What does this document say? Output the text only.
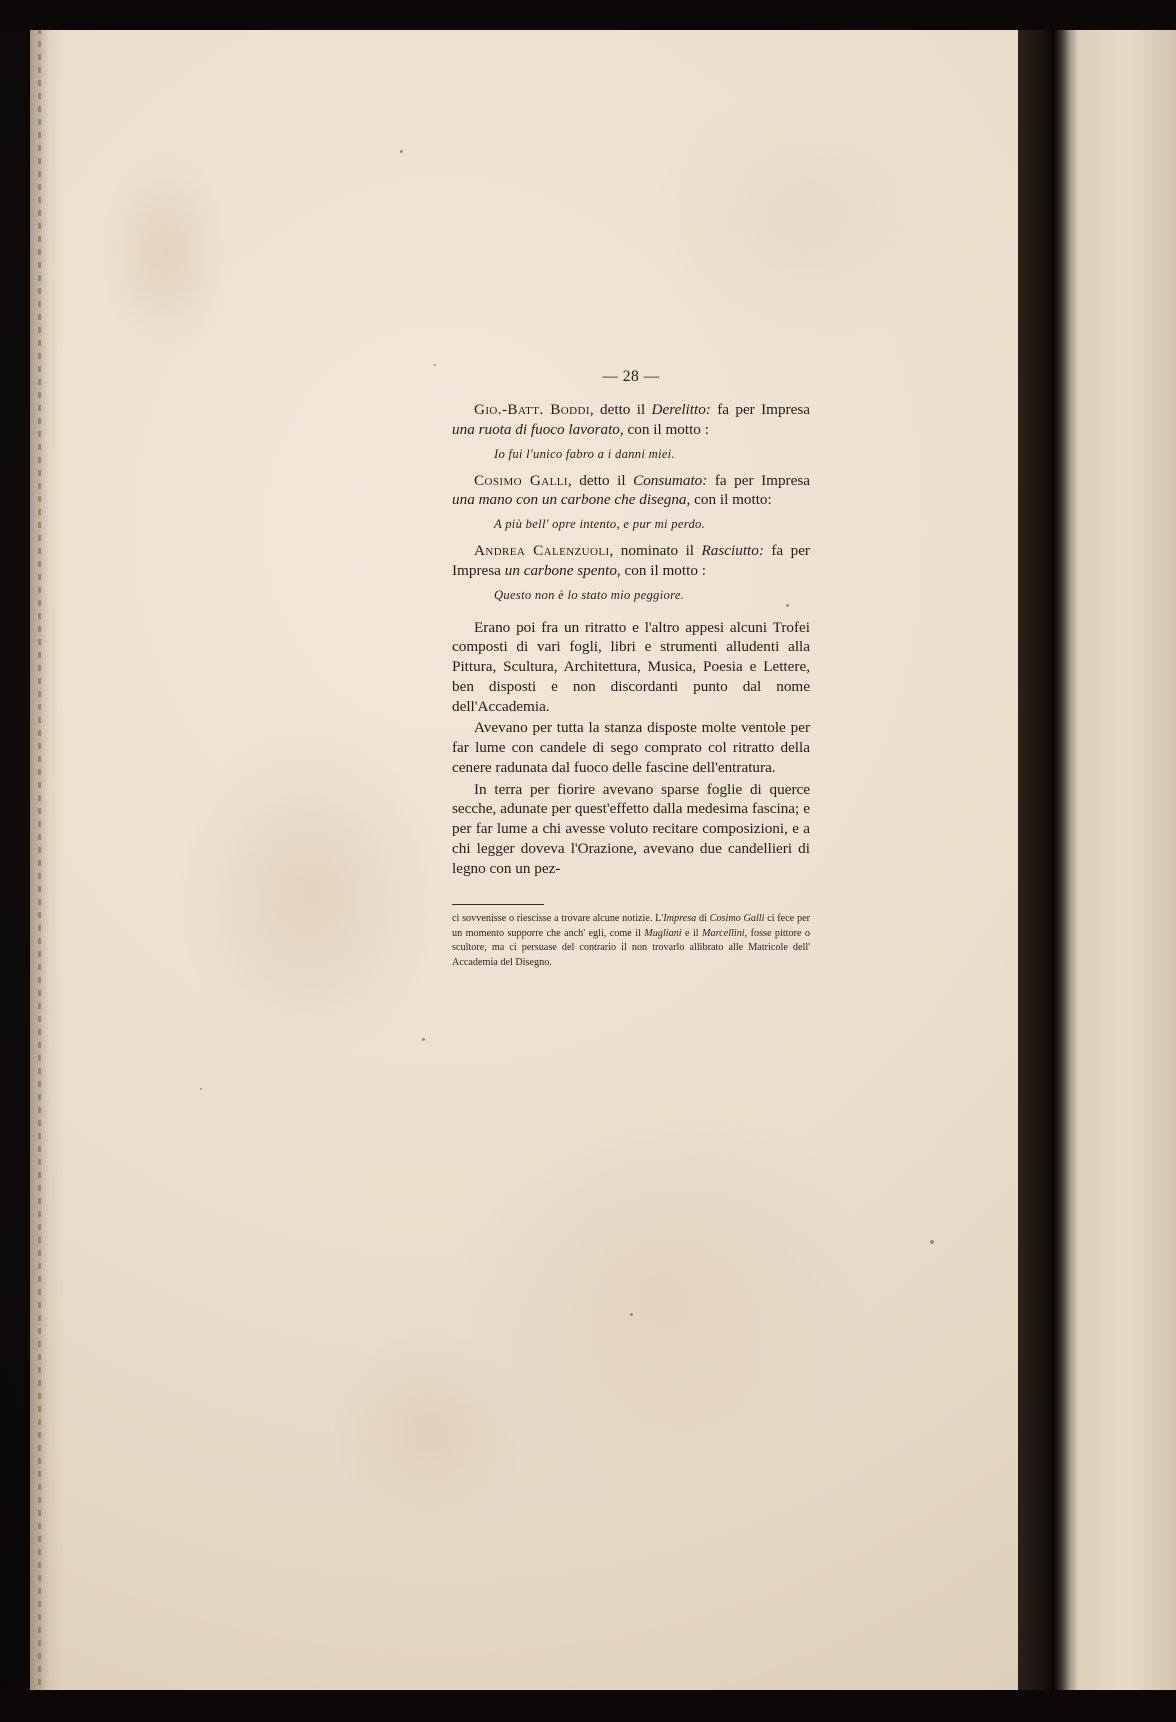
— 28 —

Gio.-Batt. Boddi, detto il Derelitto: fa per Impresa una ruota di fuoco lavorato, con il motto :

Io fui l'unico fabro a i danni miei.

Cosimo Galli, detto il Consumato: fa per Impresa una mano con un carbone che disegna, con il motto:

A più bell' opre intento, e pur mi perdo.

Andrea Calenzuoli, nominato il Rasciutto: fa per Impresa un carbone spento, con il motto :

Questo non è lo stato mio peggiore.

Erano poi fra un ritratto e l'altro appesi alcuni Trofei composti di vari fogli, libri e strumenti alludenti alla Pittura, Scultura, Architettura, Musica, Poesia e Lettere, ben disposti e non discordanti punto dal nome dell'Accademia.

Avevano per tutta la stanza disposte molte ventole per far lume con candele di sego comprato col ritratto della cenere radunata dal fuoco delle fascine dell'entratura.

In terra per fiorire avevano sparse foglie di querce secche, adunate per quest'effetto dalla medesima fascina; e per far lume a chi avesse voluto recitare composizioni, e a chi legger doveva l'Orazione, avevano due candellieri di legno con un pez-

ci sovvenisse o riescisse a trovare alcune notizie. L'Impresa di Cosimo Galli ci fece per un momento supporre che anch' egli, come il Mugliani e il Marcellini, fosse pittore o scultore, ma ci persuase del contrario il non trovarlo allibrato alle Matricole dell' Accademia del Disegno.
